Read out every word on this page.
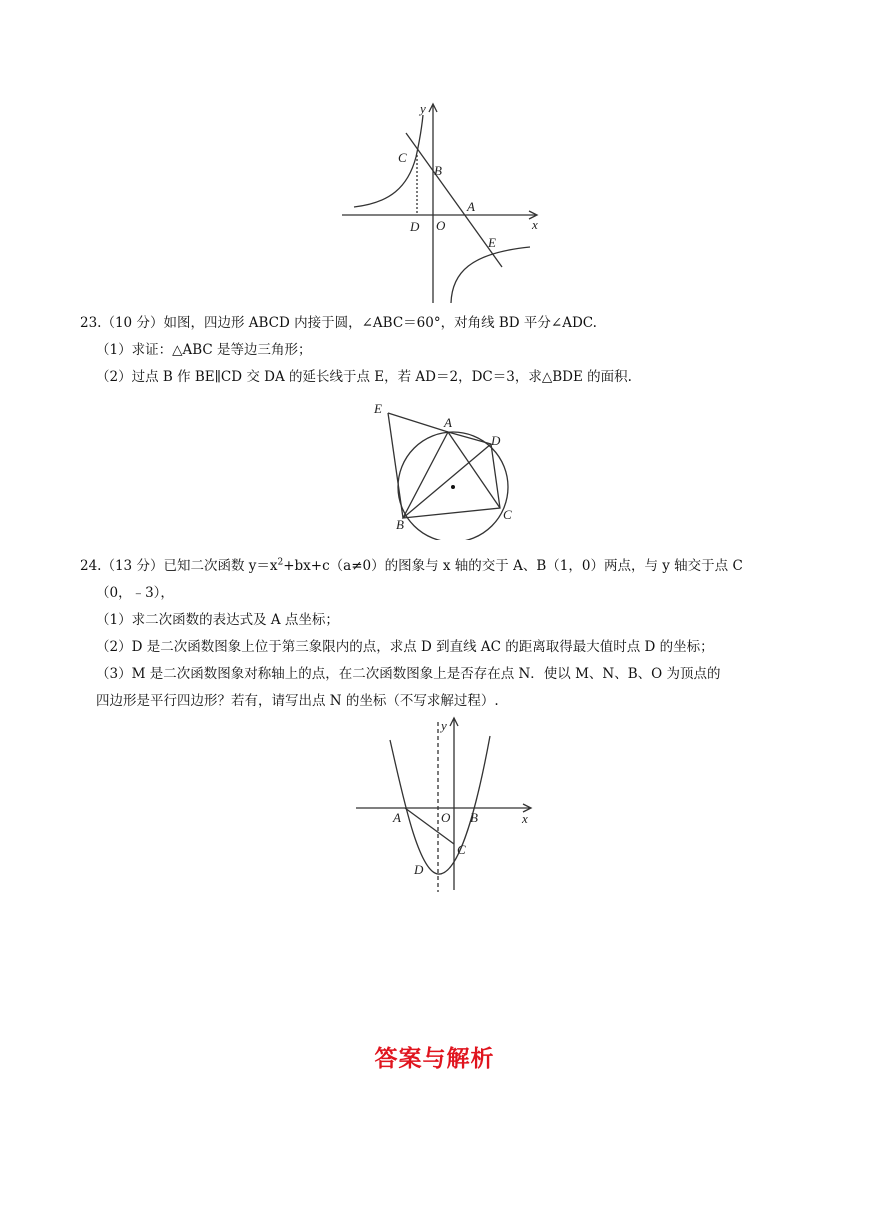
y
x
C
B
A
D O
E
23.（10 分）如图，四边形 ABCD 内接于圆，∠ABC＝60°，对角线 BD 平分∠ADC.
（1）求证：△ABC 是等边三角形；
（2）过点 B 作 BE∥CD 交 DA 的延长线于点 E，若 AD＝2，DC＝3，求△BDE 的面积.
E
A
D
B
C
24.（13 分）已知二次函数 $y=x^2+bx+c(a\ne 0)$的图象与 x 轴的交于 A、B（1，0）两点，与 y 轴交于点 C
（0，﹣3），
（1）求二次函数的表达式及 A 点坐标；
（2）D 是二次函数图象上位于第三象限内的点，求点 D 到直线 AC 的距离取得最大值时点 D 的坐标；
（3）M 是二次函数图象对称轴上的点，在二次函数图象上是否存在点 N．使以 M、N、B、O 为顶点的
四边形是平行四边形？若有，请写出点 N 的坐标（不写求解过程）.
y
A	O B	x
C
D
答案与解析
